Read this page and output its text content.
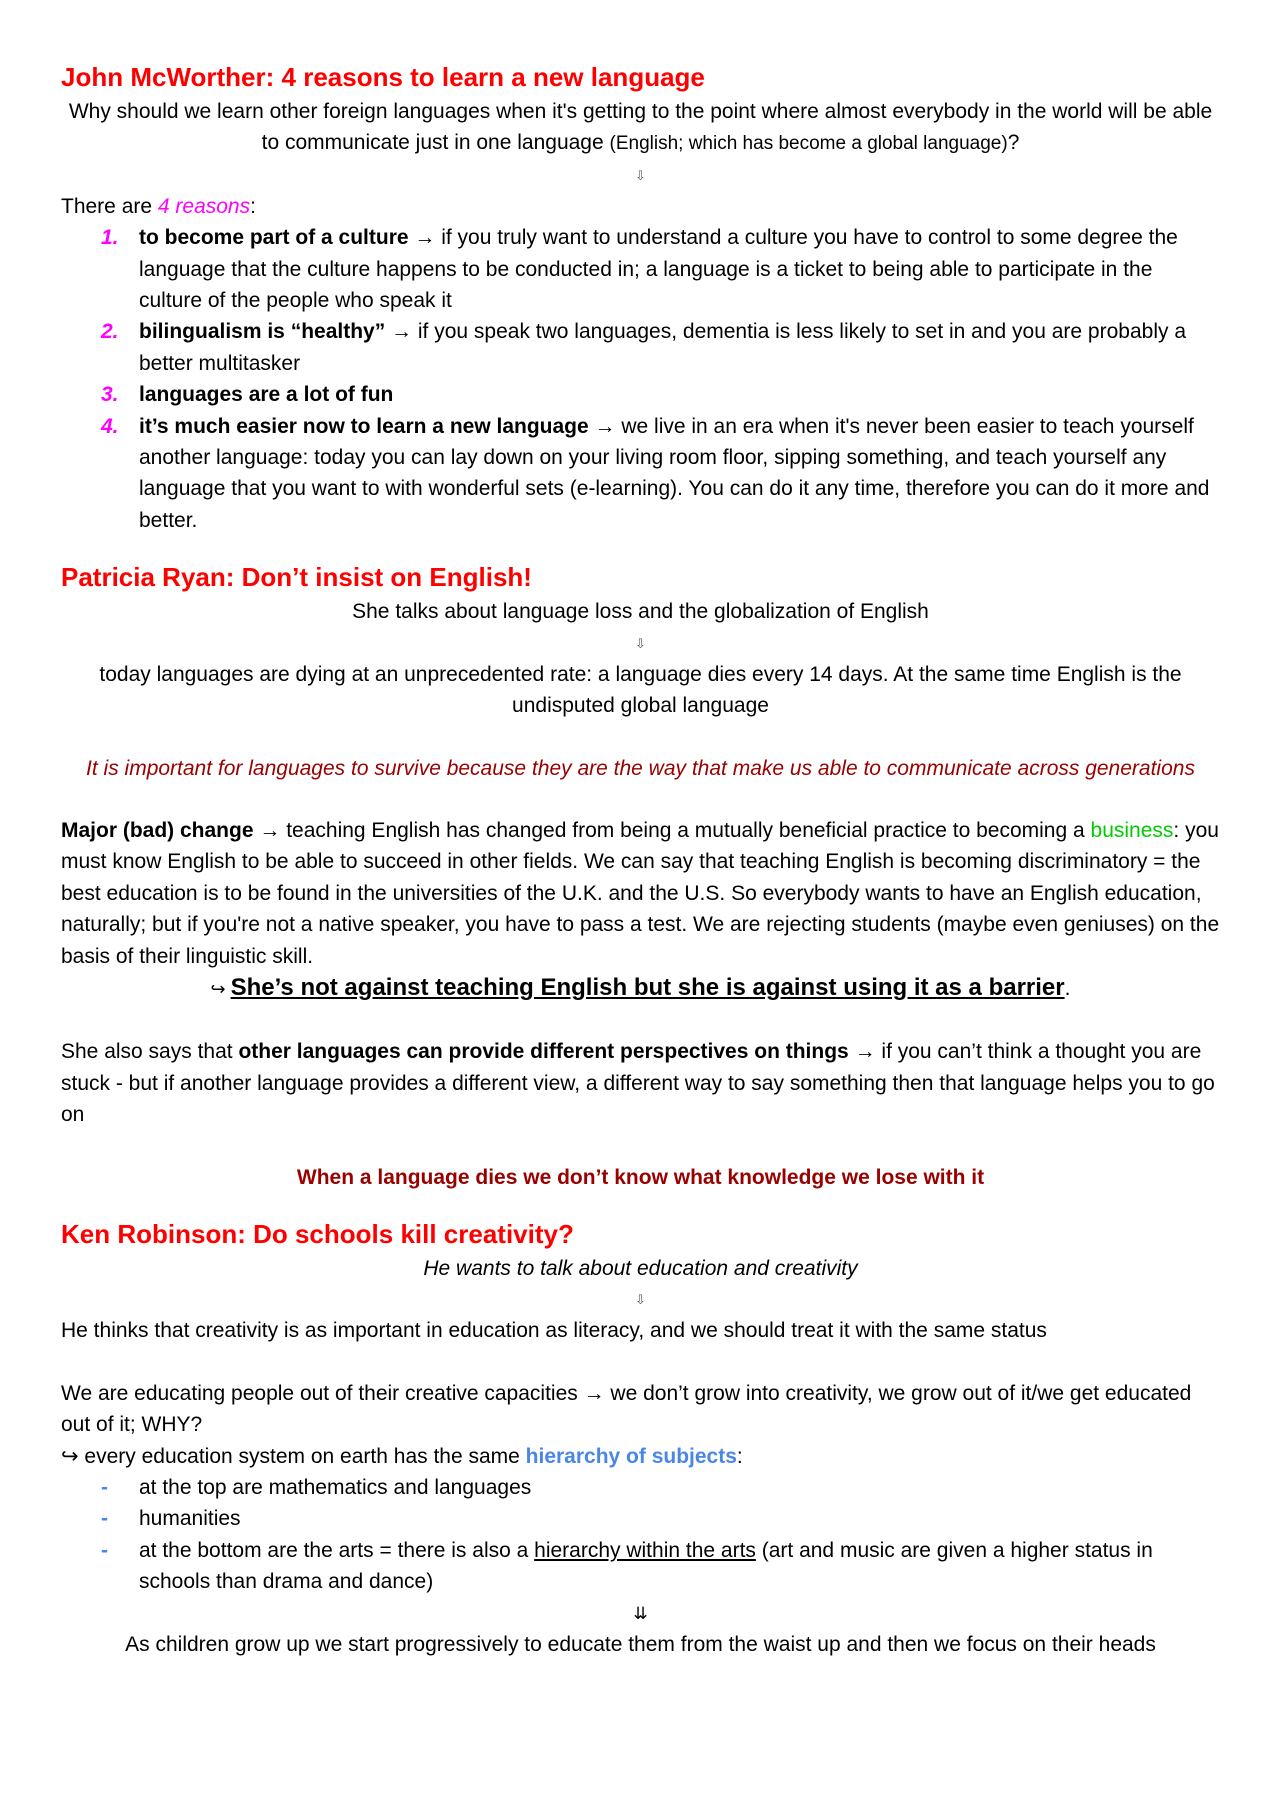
John McWorther: 4 reasons to learn a new language

Why should we learn other foreign languages when it's getting to the point where almost everybody in the world will be able to communicate just in one language (English; which has become a global language)?

⇩

There are 4 reasons:

1. to become part of a culture → if you truly want to understand a culture you have to control to some degree the language that the culture happens to be conducted in; a language is a ticket to being able to participate in the culture of the people who speak it
2. bilingualism is “healthy” → if you speak two languages, dementia is less likely to set in and you are probably a better multitasker
3. languages are a lot of fun
4. it’s much easier now to learn a new language → we live in an era when it's never been easier to teach yourself another language: today you can lay down on your living room floor, sipping something, and teach yourself any language that you want to with wonderful sets (e-learning). You can do it any time, therefore you can do it more and better.

Patricia Ryan: Don’t insist on English!

She talks about language loss and the globalization of English

⇩

today languages are dying at an unprecedented rate: a language dies every 14 days. At the same time English is the undisputed global language

It is important for languages to survive because they are the way that make us able to communicate across generations

Major (bad) change → teaching English has changed from being a mutually beneficial practice to becoming a business: you must know English to be able to succeed in other fields. We can say that teaching English is becoming discriminatory = the best education is to be found in the universities of the U.K. and the U.S. So everybody wants to have an English education, naturally; but if you're not a native speaker, you have to pass a test. We are rejecting students (maybe even geniuses) on the basis of their linguistic skill.

↪ She’s not against teaching English but she is against using it as a barrier.

She also says that other languages can provide different perspectives on things → if you can’t think a thought you are stuck - but if another language provides a different view, a different way to say something then that language helps you to go on

When a language dies we don’t know what knowledge we lose with it

Ken Robinson: Do schools kill creativity?

He wants to talk about education and creativity

⇩

He thinks that creativity is as important in education as literacy, and we should treat it with the same status

We are educating people out of their creative capacities → we don’t grow into creativity, we grow out of it/we get educated out of it; WHY?

↪ every education system on earth has the same hierarchy of subjects:

- at the top are mathematics and languages
- humanities
- at the bottom are the arts = there is also a hierarchy within the arts (art and music are given a higher status in schools than drama and dance)

⇊

As children grow up we start progressively to educate them from the waist up and then we focus on their heads
